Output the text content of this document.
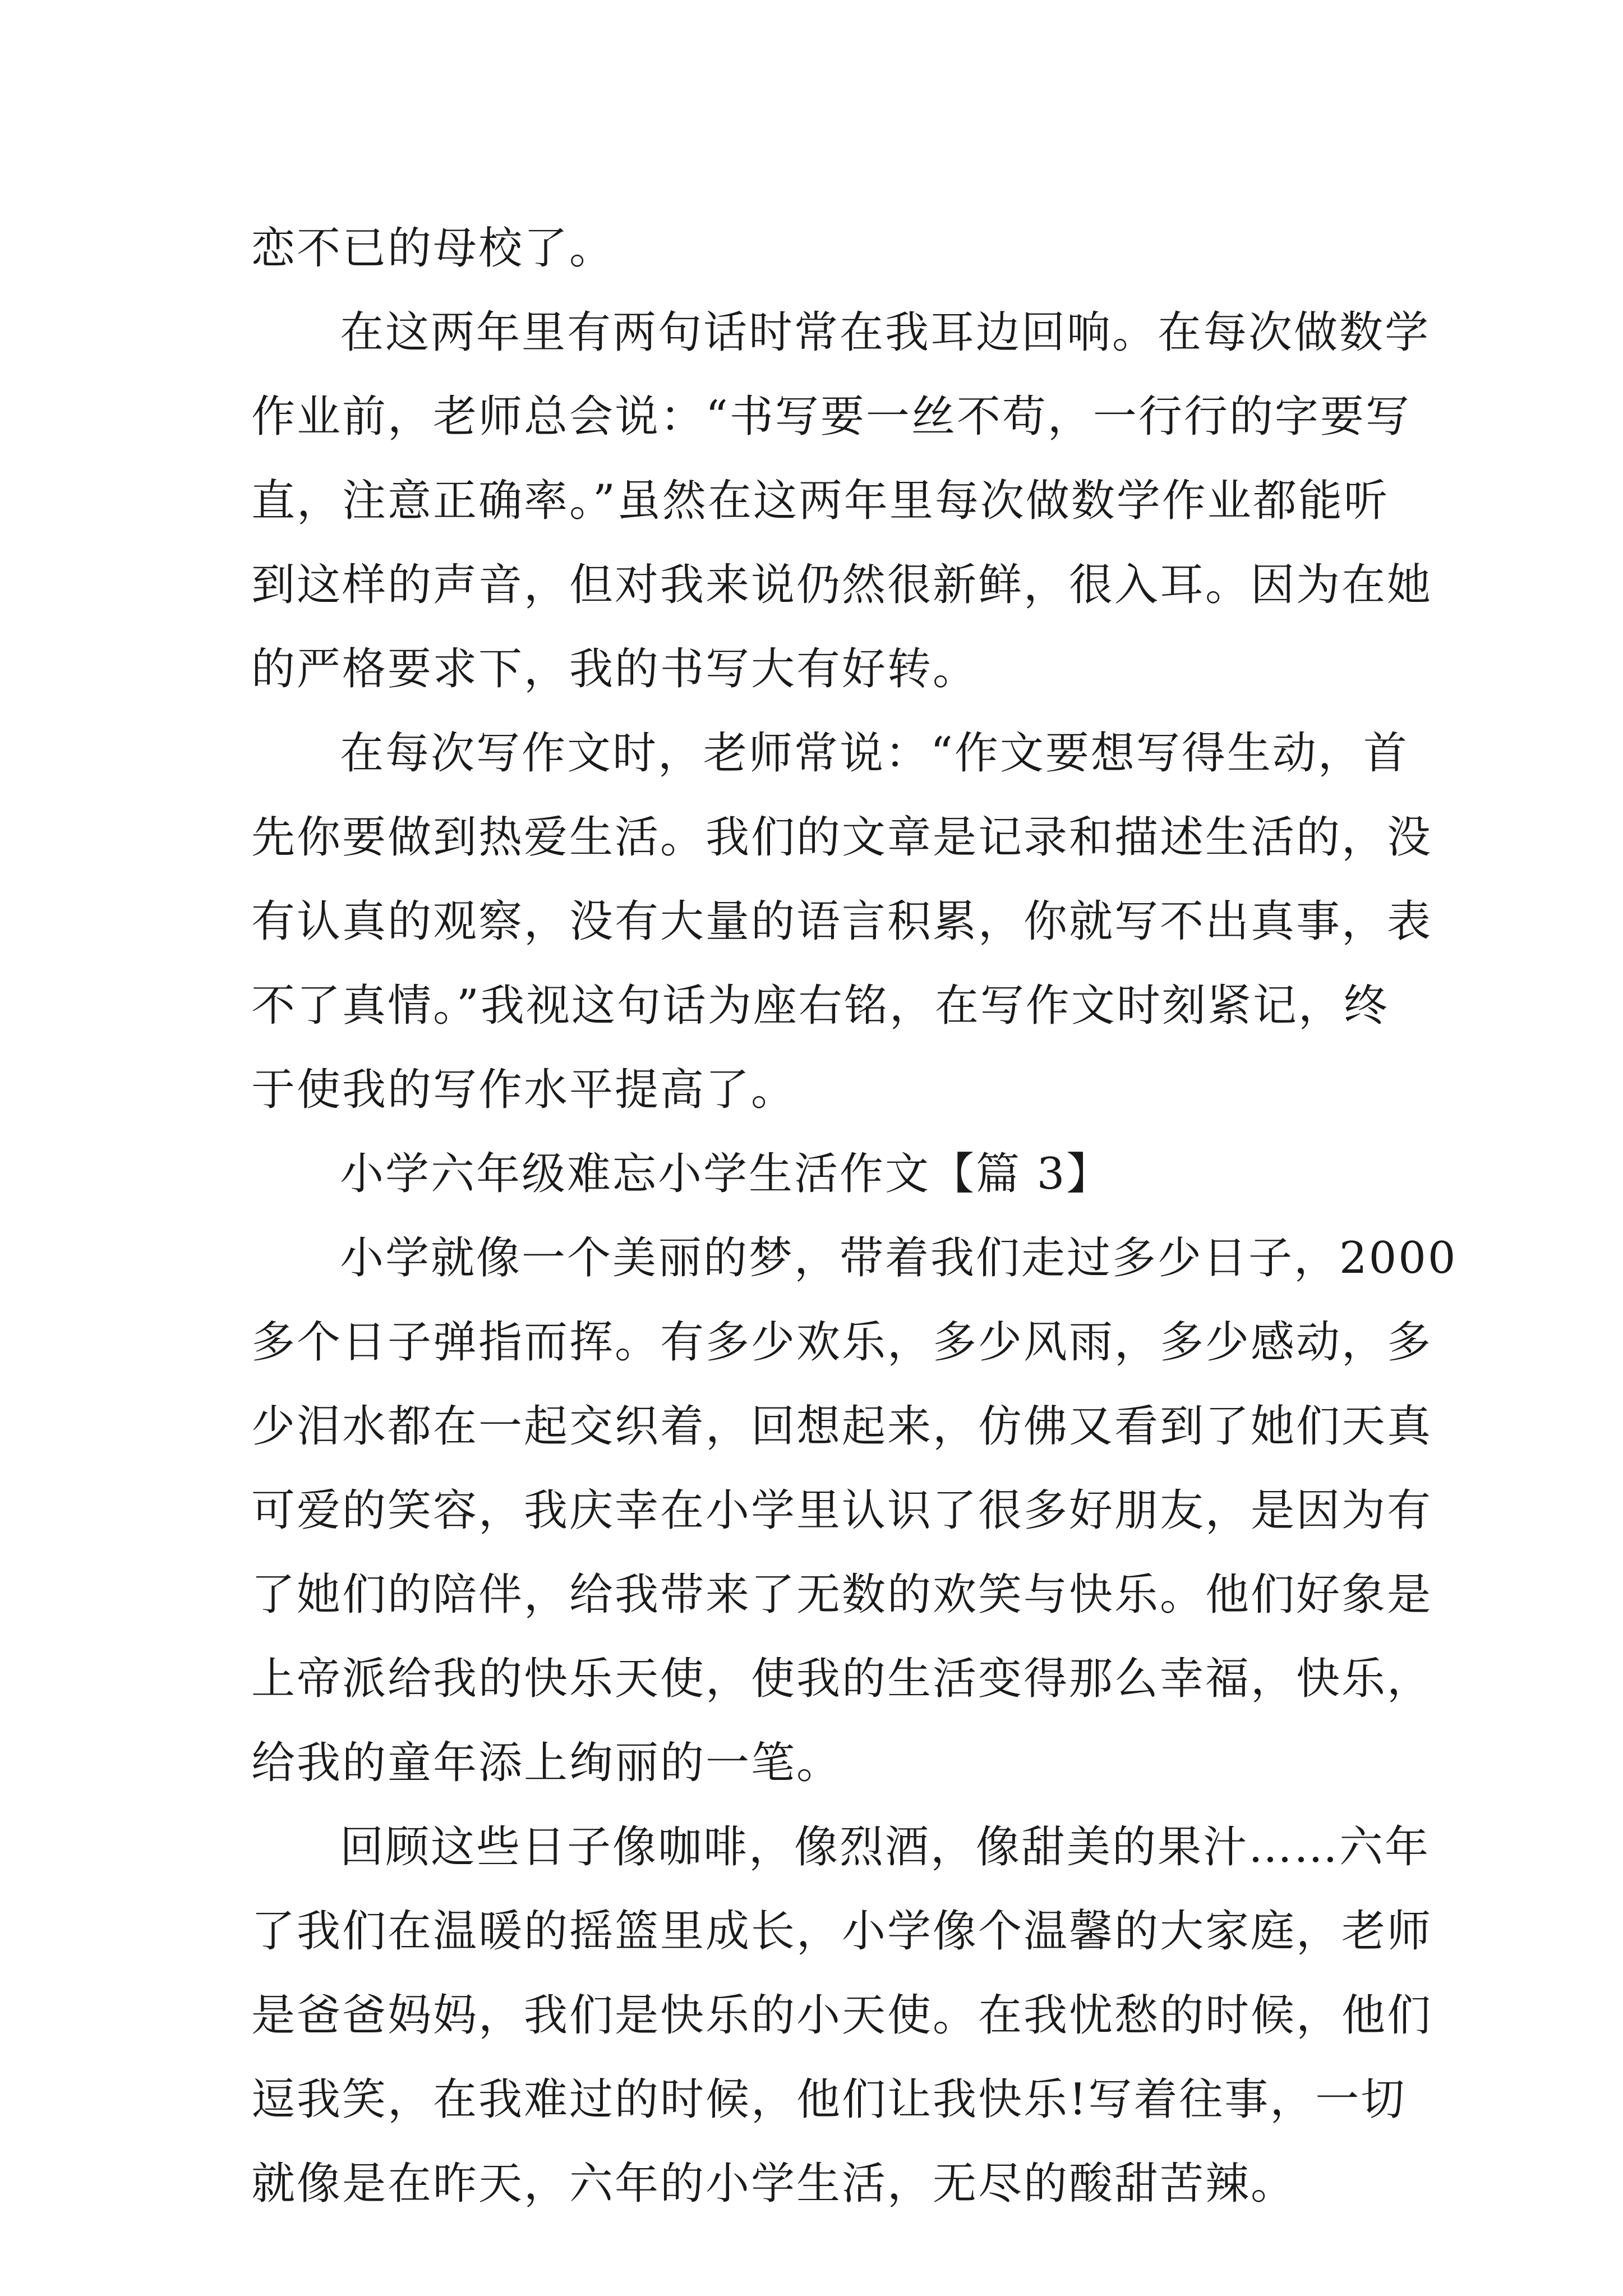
恋不已的母校了。
在这两年里有两句话时常在我耳边回响。在每次做数学
作业前，老师总会说：“书写要一丝不苟，一行行的字要写
直，注意正确率。”虽然在这两年里每次做数学作业都能听
到这样的声音，但对我来说仍然很新鲜，很入耳。因为在她
的严格要求下，我的书写大有好转。
在每次写作文时，老师常说：“作文要想写得生动，首
先你要做到热爱生活。我们的文章是记录和描述生活的，没
有认真的观察，没有大量的语言积累，你就写不出真事，表
不了真情。”我视这句话为座右铭，在写作文时刻紧记，终
于使我的写作水平提高了。
小学六年级难忘小学生活作文【篇 3】
小学就像一个美丽的梦，带着我们走过多少日子，2000
多个日子弹指而挥。有多少欢乐，多少风雨，多少感动，多
少泪水都在一起交织着，回想起来，仿佛又看到了她们天真
可爱的笑容，我庆幸在小学里认识了很多好朋友，是因为有
了她们的陪伴，给我带来了无数的欢笑与快乐。他们好象是
上帝派给我的快乐天使，使我的生活变得那么幸福，快乐，
给我的童年添上绚丽的一笔。
回顾这些日子像咖啡，像烈酒，像甜美的果汁……六年
了我们在温暖的摇篮里成长，小学像个温馨的大家庭，老师
是爸爸妈妈，我们是快乐的小天使。在我忧愁的时候，他们
逗我笑，在我难过的时候，他们让我快乐!写着往事，一切
就像是在昨天，六年的小学生活，无尽的酸甜苦辣。
